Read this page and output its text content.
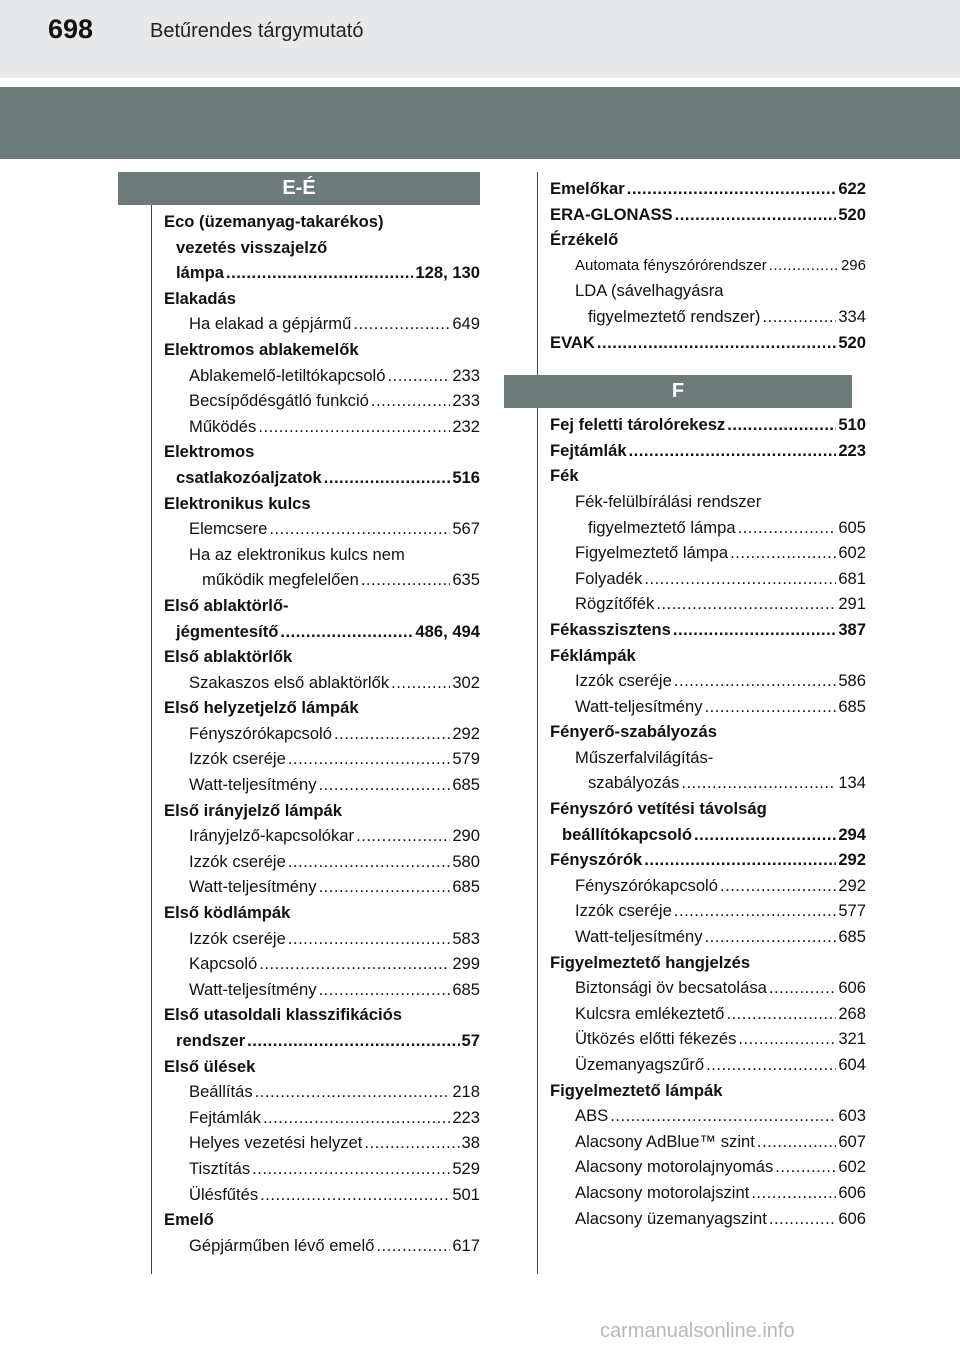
698	Betűrendes tárgymutató
E-É
Eco (üzemanyag-takarékos)
vezetés visszajelző
lámpa .....	128, 130
Elakadás
Ha elakad a gépjármű .....	649
Elektromos ablakemelők
Ablakemelő-letiltókapcsoló .....	233
Becsípődésgátló funkció .....	233
Működés .....	232
Elektromos
csatlakozóaljzatok .....	516
Elektronikus kulcs
Elemcsere .....	567
Ha az elektronikus kulcs nem
működik megfelelően .....	635
Első ablaktörlő-
jégmentesítő .....	486, 494
Első ablaktörlők
Szakaszos első ablaktörlők .....	302
Első helyzetjelző lámpák
Fényszórókapcsoló .....	292
Izzók cseréje .....	579
Watt-teljesítmény .....	685
Első irányjelző lámpák
Irányjelző-kapcsolókar .....	290
Izzók cseréje .....	580
Watt-teljesítmény .....	685
Első ködlámpák
Izzók cseréje .....	583
Kapcsoló .....	299
Watt-teljesítmény .....	685
Első utasoldali klasszifikációs
rendszer .....	57
Első ülések
Beállítás .....	218
Fejtámlák .....	223
Helyes vezetési helyzet .....	38
Tisztítás .....	529
Ülésfűtés .....	501
Emelő
Gépjárműben lévő emelő .....	617
Emelőkar .....	622
ERA-GLONASS .....	520
Érzékelő
Automata fényszórórendszer .....	296
LDA (sávelhagyásra
figyelmeztető rendszer) .....	334
EVAK .....	520
F
Fej feletti tárolórekesz .....	510
Fejtámlák .....	223
Fék
Fék-felülbírálási rendszer
figyelmeztető lámpa .....	605
Figyelmeztető lámpa .....	602
Folyadék .....	681
Rögzítőfék .....	291
Fékasszisztens .....	387
Féklámpák
Izzók cseréje .....	586
Watt-teljesítmény .....	685
Fényerő-szabályozás
Műszerfalvilágítás-
szabályozás .....	134
Fényszóró vetítési távolság
beállítókapcsoló .....	294
Fényszórók .....	292
Fényszórókapcsoló .....	292
Izzók cseréje .....	577
Watt-teljesítmény .....	685
Figyelmeztető hangjelzés
Biztonsági öv becsatolása .....	606
Kulcsra emlékeztető .....	268
Ütközés előtti fékezés .....	321
Üzemanyagszűrő .....	604
Figyelmeztető lámpák
ABS .....	603
Alacsony AdBlue™ szint .....	607
Alacsony motorolajnyomás .....	602
Alacsony motorolajszint .....	606
Alacsony üzemanyagszint .....	606
carmanualsonline.info
